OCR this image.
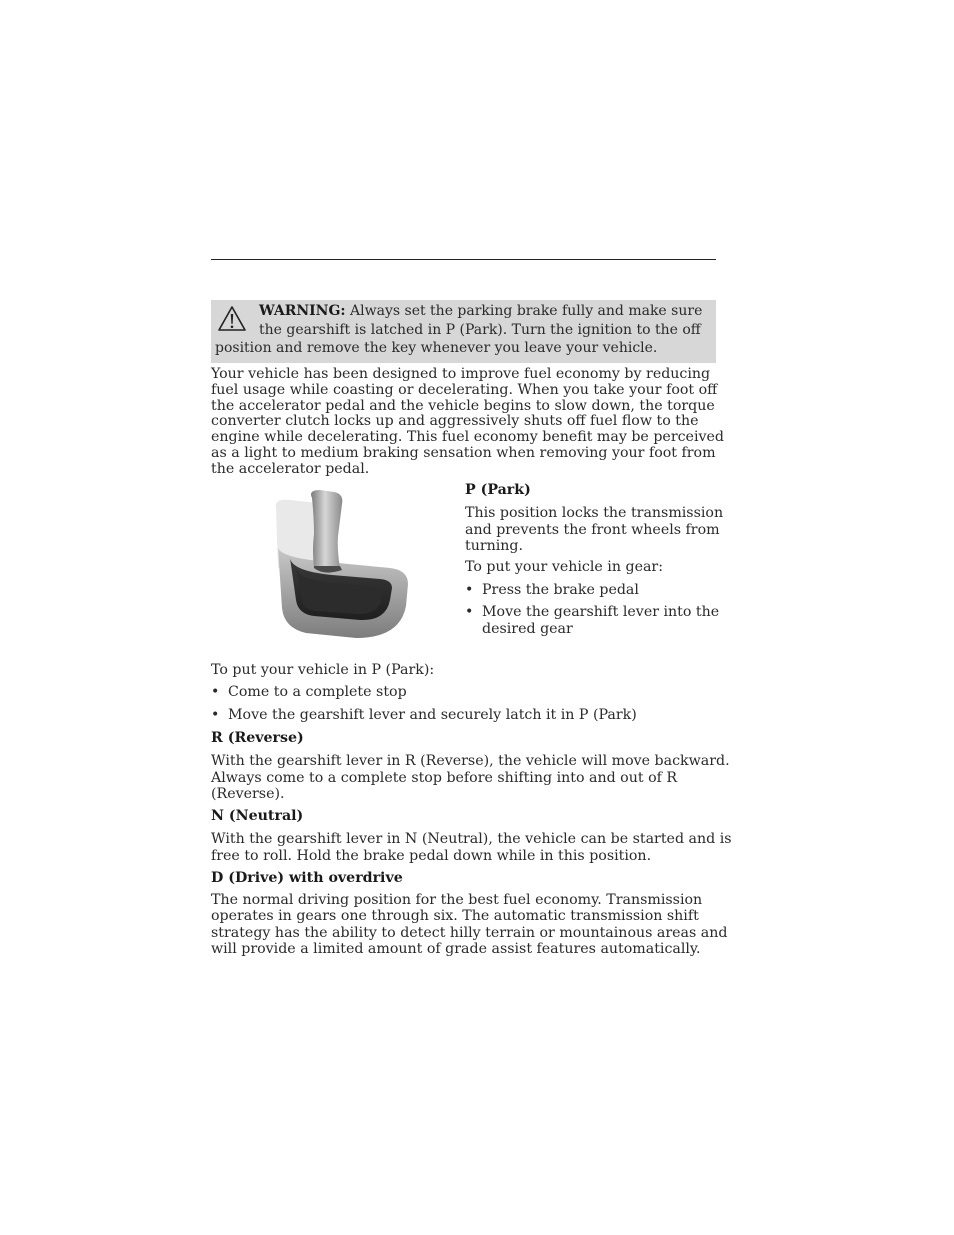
WARNING: Always set the parking brake fully and make sure
the gearshift is latched in P (Park). Turn the ignition to the off
position and remove the key whenever you leave your vehicle.
Your vehicle has been designed to improve fuel economy by reducing
fuel usage while coasting or decelerating. When you take your foot off
the accelerator pedal and the vehicle begins to slow down, the torque
converter clutch locks up and aggressively shuts off fuel flow to the
engine while decelerating. This fuel economy benefit may be perceived
as a light to medium braking sensation when removing your foot from
the accelerator pedal.
P (Park)
This position locks the transmission
and prevents the front wheels from
turning.
To put your vehicle in gear:
• Press the brake pedal
• Move the gearshift lever into the
desired gear
To put your vehicle in P (Park):
• Come to a complete stop
• Move the gearshift lever and securely latch it in P (Park)
R (Reverse)
With the gearshift lever in R (Reverse), the vehicle will move backward.
Always come to a complete stop before shifting into and out of R
(Reverse).
N (Neutral)
With the gearshift lever in N (Neutral), the vehicle can be started and is
free to roll. Hold the brake pedal down while in this position.
D (Drive) with overdrive
The normal driving position for the best fuel economy. Transmission
operates in gears one through six. The automatic transmission shift
strategy has the ability to detect hilly terrain or mountainous areas and
will provide a limited amount of grade assist features automatically.
